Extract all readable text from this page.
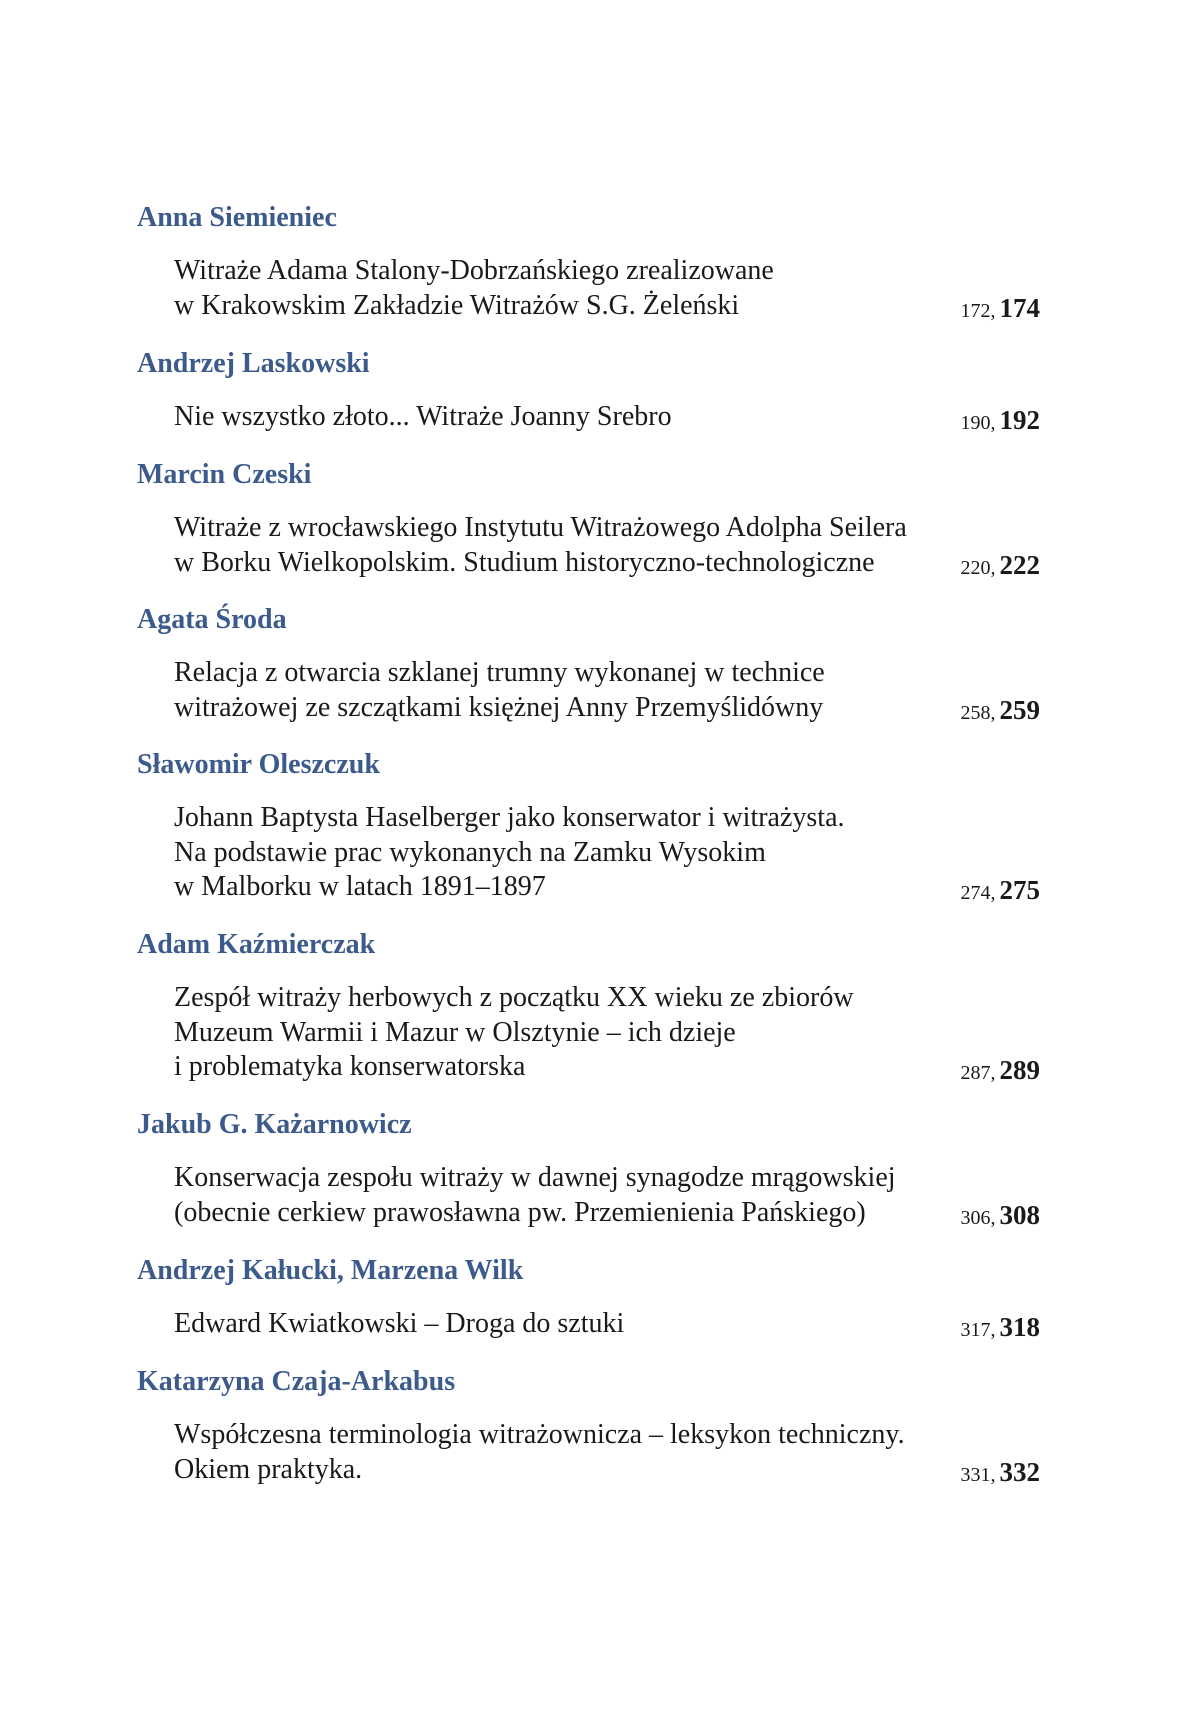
Anna Siemieniec
Witraże Adama Stalony-Dobrzańskiego zrealizowane
w Krakowskim Zakładzie Witrażów S.G. Żeleński	172, 174
Andrzej Laskowski
Nie wszystko złoto... Witraże Joanny Srebro	190, 192
Marcin Czeski
Witraże z wrocławskiego Instytutu Witrażowego Adolpha Seilera
w Borku Wielkopolskim. Studium historyczno-technologiczne	220, 222
Agata Środa
Relacja z otwarcia szklanej trumny wykonanej w technice
witrażowej ze szczątkami księżnej Anny Przemyślidówny	258, 259
Sławomir Oleszczuk
Johann Baptysta Haselberger jako konserwator i witrażysta.
Na podstawie prac wykonanych na Zamku Wysokim
w Malborku w latach 1891–1897	274, 275
Adam Kaźmierczak
Zespół witraży herbowych z początku XX wieku ze zbiorów
Muzeum Warmii i Mazur w Olsztynie – ich dzieje
i problematyka konserwatorska	287, 289
Jakub G. Każarnowicz
Konserwacja zespołu witraży w dawnej synagodze mrągowskiej
(obecnie cerkiew prawosławna pw. Przemienienia Pańskiego)	306, 308
Andrzej Kałucki, Marzena Wilk
Edward Kwiatkowski – Droga do sztuki	317, 318
Katarzyna Czaja-Arkabus
Współczesna terminologia witrażownicza – leksykon techniczny.
Okiem praktyka.	331, 332
